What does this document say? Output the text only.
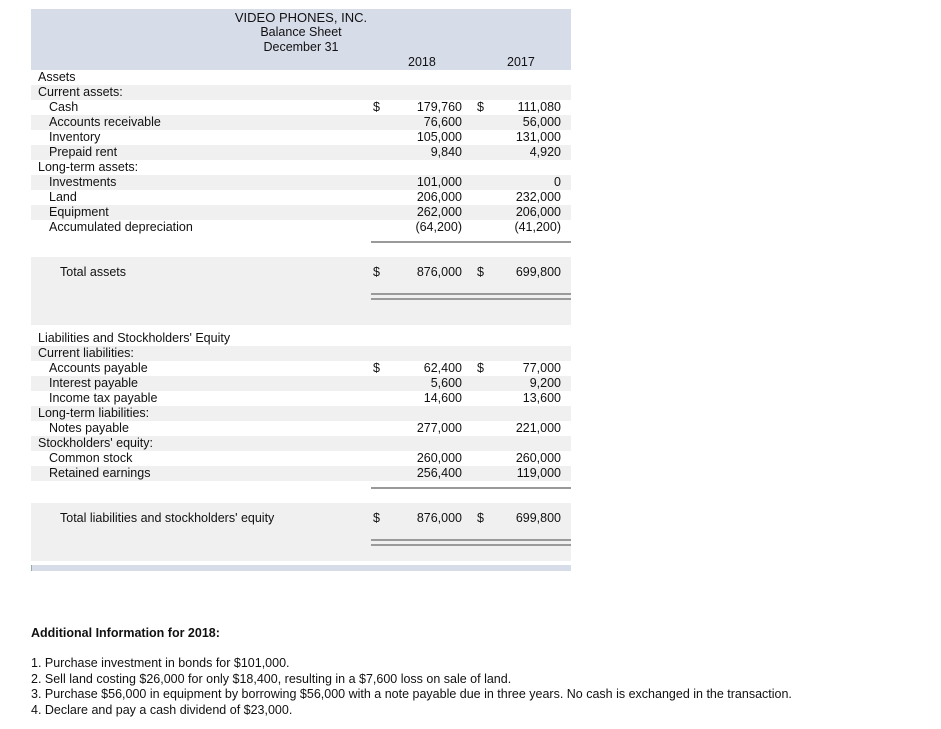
VIDEO PHONES, INC.
Balance Sheet
December 31
2018	2017
Assets
Current assets:
Cash	$	179,760 $	111,080
Accounts receivable	76,600	56,000
Inventory	105,000	131,000
Prepaid rent	9,840	4,920
Long-term assets:
Investments	101,000	0
Land	206,000	232,000
Equipment	262,000	206,000
Accumulated depreciation	(64,200)	(41,200)
Total assets	$	876,000 $	699,800
Liabilities and Stockholders' Equity
Current liabilities:
Accounts payable	$	62,400 $	77,000
Interest payable	5,600	9,200
Income tax payable	14,600	13,600
Long-term liabilities:
Notes payable	277,000	221,000
Stockholders' equity:
Common stock	260,000	260,000
Retained earnings	256,400	119,000
Total liabilities and stockholders' equity	$	876,000 $	699,800
Additional Information for 2018:
1. Purchase investment in bonds for $101,000.
2. Sell land costing $26,000 for only $18,400, resulting in a $7,600 loss on sale of land.
3. Purchase $56,000 in equipment by borrowing $56,000 with a note payable due in three years. No cash is exchanged in the transaction.
4. Declare and pay a cash dividend of $23,000.
